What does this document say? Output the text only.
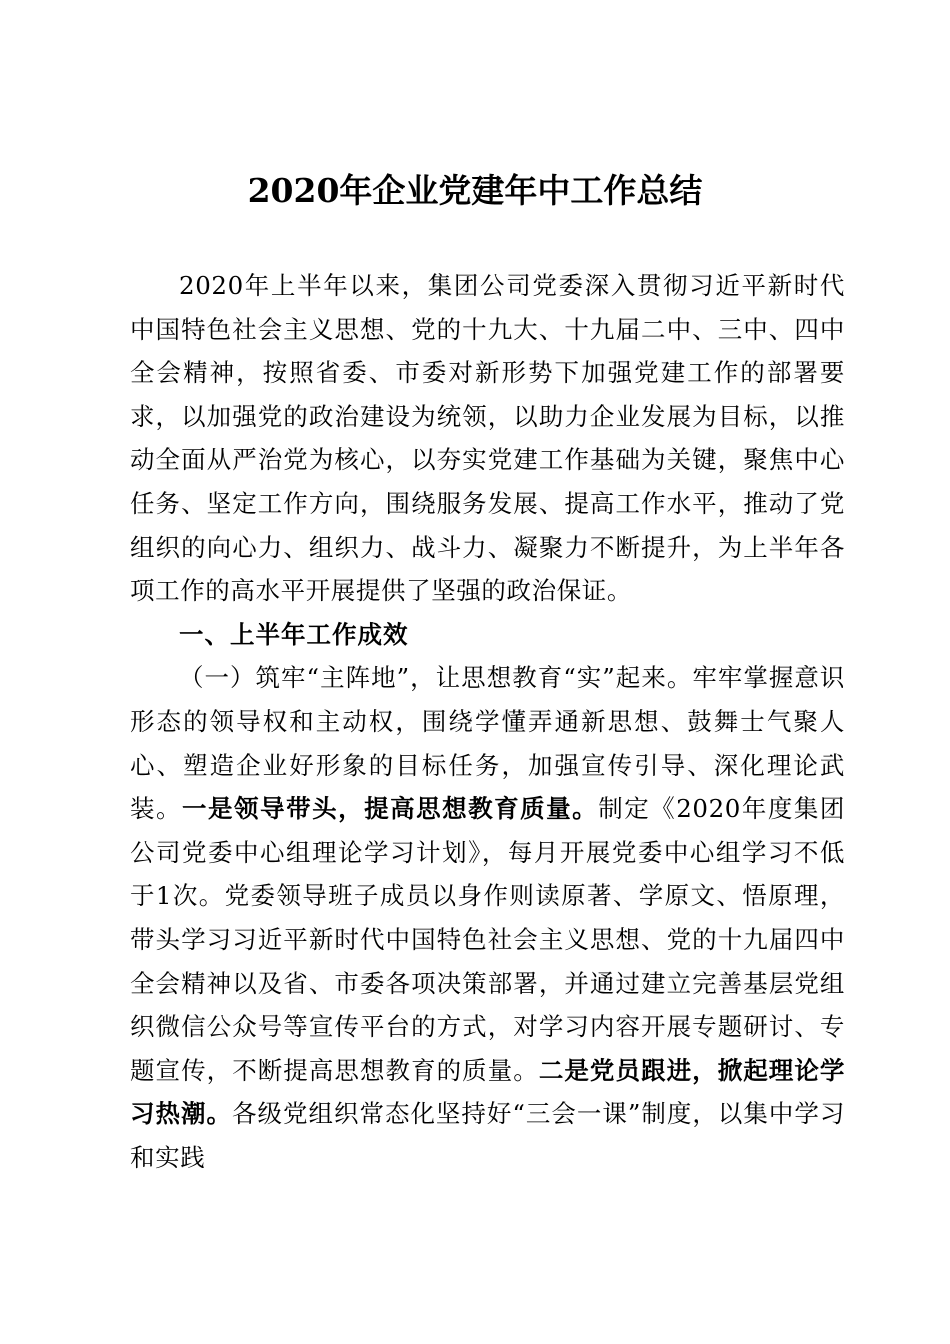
2020年企业党建年中工作总结

2020年上半年以来，集团公司党委深入贯彻习近平新时代中国特色社会主义思想、党的十九大、十九届二中、三中、四中全会精神，按照省委、市委对新形势下加强党建工作的部署要求，以加强党的政治建设为统领，以助力企业发展为目标，以推动全面从严治党为核心，以夯实党建工作基础为关键，聚焦中心任务、坚定工作方向，围绕服务发展、提高工作水平，推动了党组织的向心力、组织力、战斗力、凝聚力不断提升，为上半年各项工作的高水平开展提供了坚强的政治保证。

一、上半年工作成效

（一）筑牢“主阵地”，让思想教育“实”起来。牢牢掌握意识形态的领导权和主动权，围绕学懂弄通新思想、鼓舞士气聚人心、塑造企业好形象的目标任务，加强宣传引导、深化理论武装。一是领导带头，提高思想教育质量。制定《2020年度集团公司党委中心组理论学习计划》，每月开展党委中心组学习不低于1次。党委领导班子成员以身作则读原著、学原文、悟原理，带头学习习近平新时代中国特色社会主义思想、党的十九届四中全会精神以及省、市委各项决策部署，并通过建立完善基层党组织微信公众号等宣传平台的方式，对学习内容开展专题研讨、专题宣传，不断提高思想教育的质量。二是党员跟进，掀起理论学习热潮。各级党组织常态化坚持好“三会一课”制度，以集中学习和实践
